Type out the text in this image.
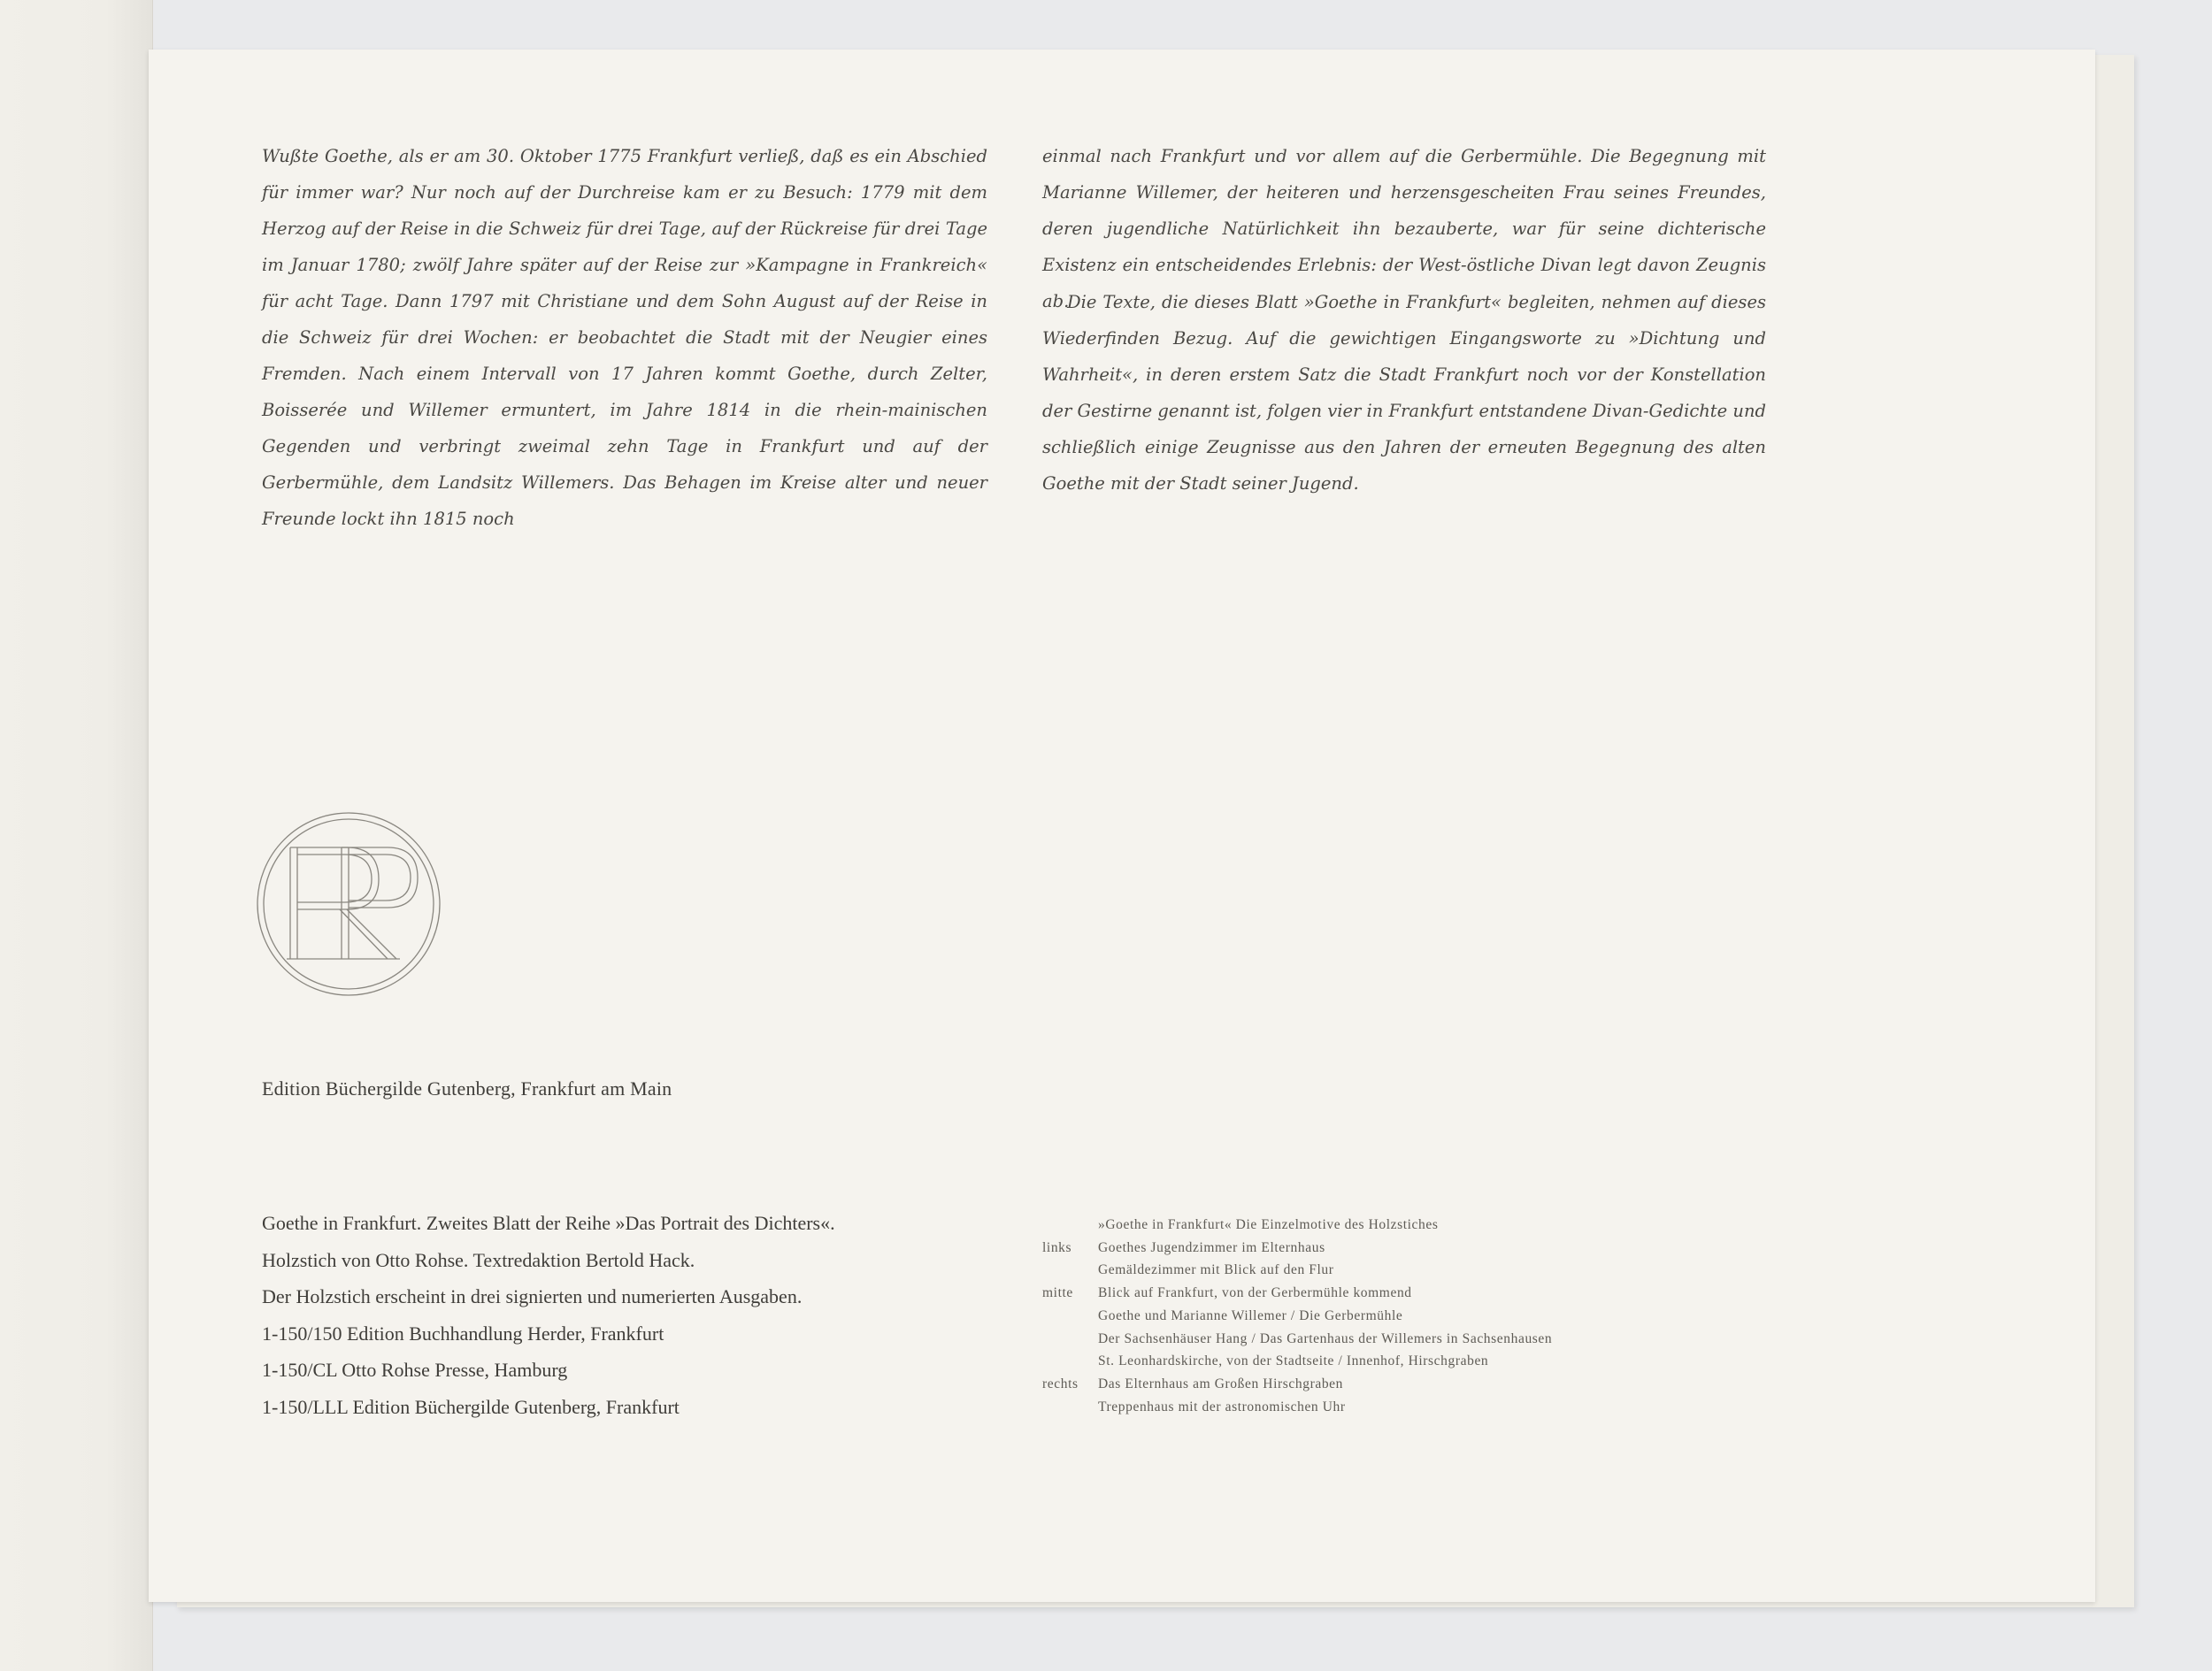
Wußte Goethe, als er am 30. Oktober 1775 Frankfurt verließ, daß es ein Abschied für immer war? Nur noch auf der Durchreise kam er zu Besuch: 1779 mit dem Herzog auf der Reise in die Schweiz für drei Tage, auf der Rückreise für drei Tage im Januar 1780; zwölf Jahre später auf der Reise zur »Kampagne in Frankreich« für acht Tage. Dann 1797 mit Christiane und dem Sohn August auf der Reise in die Schweiz für drei Wochen: er beobachtet die Stadt mit der Neugier eines Fremden. Nach einem Intervall von 17 Jahren kommt Goethe, durch Zelter, Boisserée und Willemer ermuntert, im Jahre 1814 in die rhein-mainischen Gegenden und verbringt zweimal zehn Tage in Frankfurt und auf der Gerbermühle, dem Landsitz Willemers. Das Behagen im Kreise alter und neuer Freunde lockt ihn 1815 noch

einmal nach Frankfurt und vor allem auf die Gerbermühle. Die Begegnung mit Marianne Willemer, der heiteren und herzensgescheiten Frau seines Freundes, deren jugendliche Natürlichkeit ihn bezauberte, war für seine dichterische Existenz ein entscheidendes Erlebnis: der West-östliche Divan legt davon Zeugnis ab.

Die Texte, die dieses Blatt »Goethe in Frankfurt« begleiten, nehmen auf dieses Wiederfinden Bezug. Auf die gewichtigen Eingangsworte zu »Dichtung und Wahrheit«, in deren erstem Satz die Stadt Frankfurt noch vor der Konstellation der Gestirne genannt ist, folgen vier in Frankfurt entstandene Divan-Gedichte und schließlich einige Zeugnisse aus den Jahren der erneuten Begegnung des alten Goethe mit der Stadt seiner Jugend.

Edition Büchergilde Gutenberg, Frankfurt am Main

Goethe in Frankfurt. Zweites Blatt der Reihe »Das Portrait des Dichters«.
Holzstich von Otto Rohse. Textredaktion Bertold Hack.
Der Holzstich erscheint in drei signierten und numerierten Ausgaben.
1-150/150 Edition Buchhandlung Herder, Frankfurt
1-150/CL Otto Rohse Presse, Hamburg
1-150/LLL Edition Büchergilde Gutenberg, Frankfurt
»Goethe in Frankfurt« Die Einzelmotive des Holzstiches
links	Goethes Jugendzimmer im Elternhaus
Gemäldezimmer mit Blick auf den Flur
mitte	Blick auf Frankfurt, von der Gerbermühle kommend
Goethe und Marianne Willemer / Die Gerbermühle
Der Sachsenhäuser Hang / Das Gartenhaus der Willemers in Sachsenhausen
St. Leonhardskirche, von der Stadtseite / Innenhof, Hirschgraben
rechts	Das Elternhaus am Großen Hirschgraben
Treppenhaus mit der astronomischen Uhr
